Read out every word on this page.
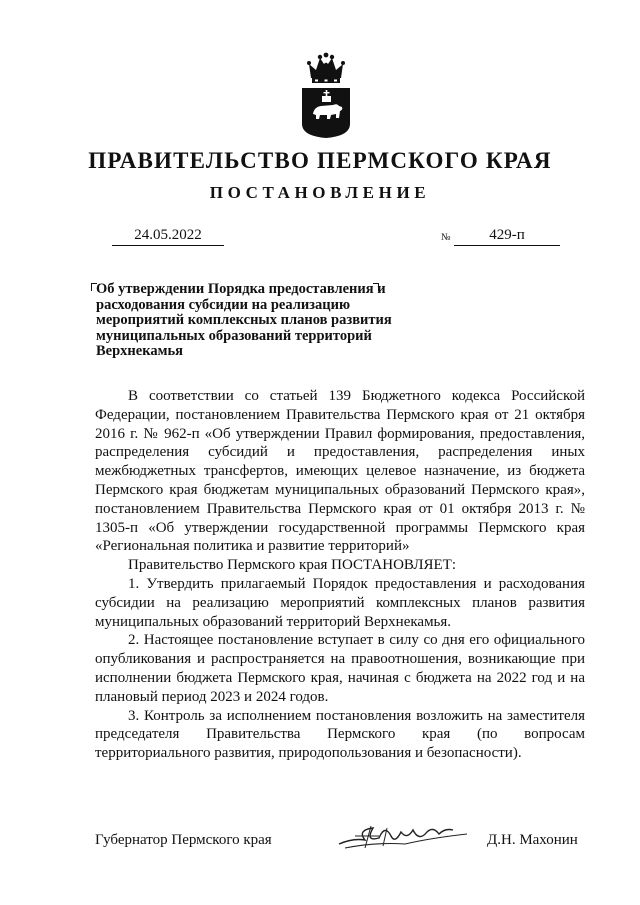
ПРАВИТЕЛЬСТВО ПЕРМСКОГО КРАЯ
ПОСТАНОВЛЕНИЕ
24.05.2022	№	429-п
Об утверждении Порядка предоставления и расходования субсидии на реализацию мероприятий комплексных планов развития муниципальных образований территорий Верхнекамья

В соответствии со статьей 139 Бюджетного кодекса Российской Федерации, постановлением Правительства Пермского края от 21 октября 2016 г. № 962-п «Об утверждении Правил формирования, предоставления, распределения субсидий и предоставления, распределения иных межбюджетных трансфертов, имеющих целевое назначение, из бюджета Пермского края бюджетам муниципальных образований Пермского края», постановлением Правительства Пермского края от 01 октября 2013 г. № 1305-п «Об утверждении государственной программы Пермского края «Региональная политика и развитие территорий»

Правительство Пермского края ПОСТАНОВЛЯЕТ:

1. Утвердить прилагаемый Порядок предоставления и расходования субсидии на реализацию мероприятий комплексных планов развития муниципальных образований территорий Верхнекамья.

2. Настоящее постановление вступает в силу со дня его официального опубликования и распространяется на правоотношения, возникающие при исполнении бюджета Пермского края, начиная с бюджета на 2022 год и на плановый период 2023 и 2024 годов.

3. Контроль за исполнением постановления возложить на заместителя председателя Правительства Пермского края (по вопросам территориального развития, природопользования и безопасности).

Губернатор Пермского края	Д.Н. Махонин
